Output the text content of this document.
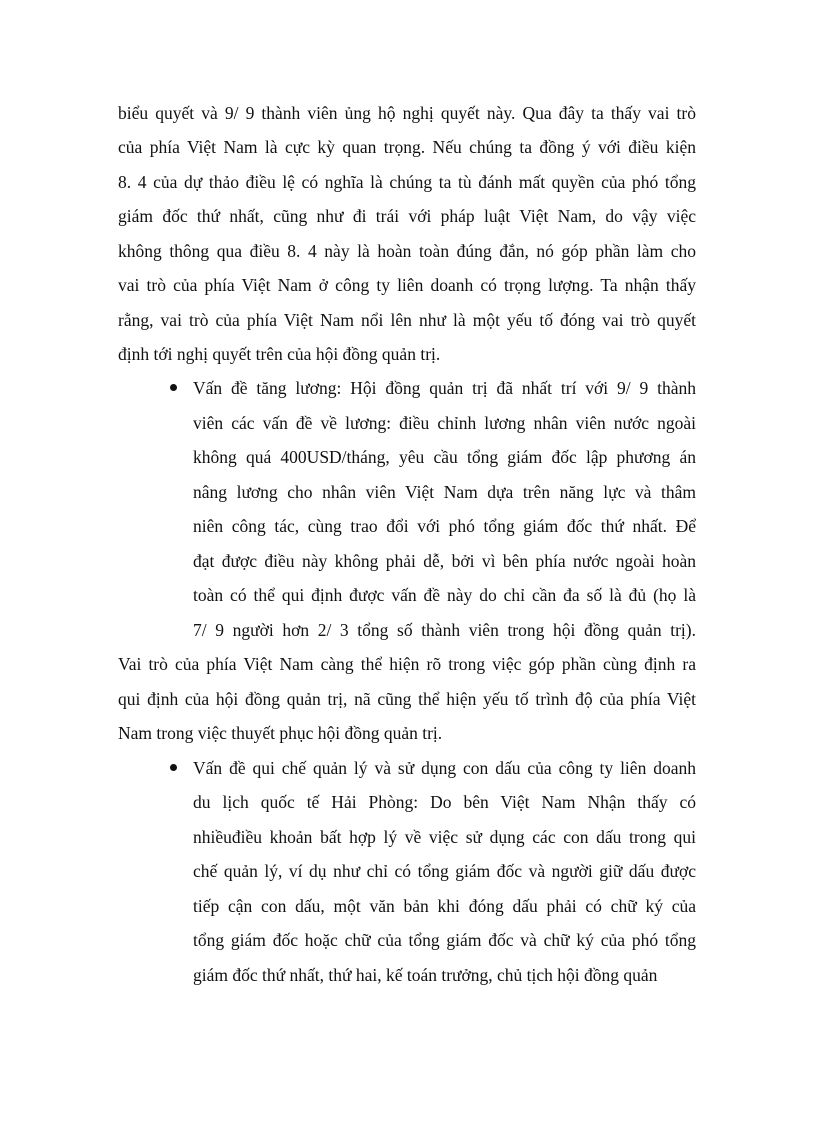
biểu quyết và 9/ 9 thành viên ủng hộ nghị quyết này. Qua đây ta thấy vai trò
của phía Việt Nam là cực kỳ quan trọng. Nếu chúng ta đồng ý với điều kiện
8. 4 của dự thảo điều lệ có nghĩa là chúng ta tù đánh mất quyền của phó tổng
giám đốc thứ nhất, cũng như đi trái với pháp luật Việt Nam, do vậy việc
không thông qua điều 8. 4 này là hoàn toàn đúng đắn, nó góp phần làm cho
vai trò của phía Việt Nam ở công ty liên doanh có trọng lượng. Ta nhận thấy
rằng, vai trò của phía Việt Nam nổi lên như là một yếu tố đóng vai trò quyết
định tới nghị quyết trên của hội đồng quản trị.
Vấn đề tăng lương: Hội đồng quản trị đã nhất trí với 9/ 9 thành
viên các vấn đề về lương: điều chỉnh lương nhân viên nước ngoài
không quá 400USD/tháng, yêu cầu tổng giám đốc lập phương án
nâng lương cho nhân viên Việt Nam dựa trên năng lực và thâm
niên công tác, cùng trao đổi với phó tổng giám đốc thứ nhất. Để
đạt được điều này không phải dễ, bởi vì bên phía nước ngoài hoàn
toàn có thể qui định được vấn đề này do chỉ cần đa số là đủ (họ là
7/ 9 người hơn 2/ 3 tổng số thành viên trong hội đồng quản trị).
Vai trò của phía Việt Nam càng thể hiện rõ trong việc góp phần cùng định ra
qui định của hội đồng quản trị, nã cũng thể hiện yếu tố trình độ của phía Việt
Nam trong việc thuyết phục hội đồng quản trị.
Vấn đề qui chế quản lý và sử dụng con dấu của công ty liên doanh
du lịch quốc tế Hải Phòng: Do bên Việt Nam Nhận thấy có
nhiềuđiều khoản bất hợp lý về việc sử dụng các con dấu trong qui
chế quản lý, ví dụ như chỉ có tổng giám đốc và người giữ dấu được
tiếp cận con dấu, một văn bản khi đóng dấu phải có chữ ký của
tổng giám đốc hoặc chữ của tổng giám đốc và chữ ký của phó tổng
giám đốc thứ nhất, thứ hai, kế toán trưởng, chủ tịch hội đồng quản
